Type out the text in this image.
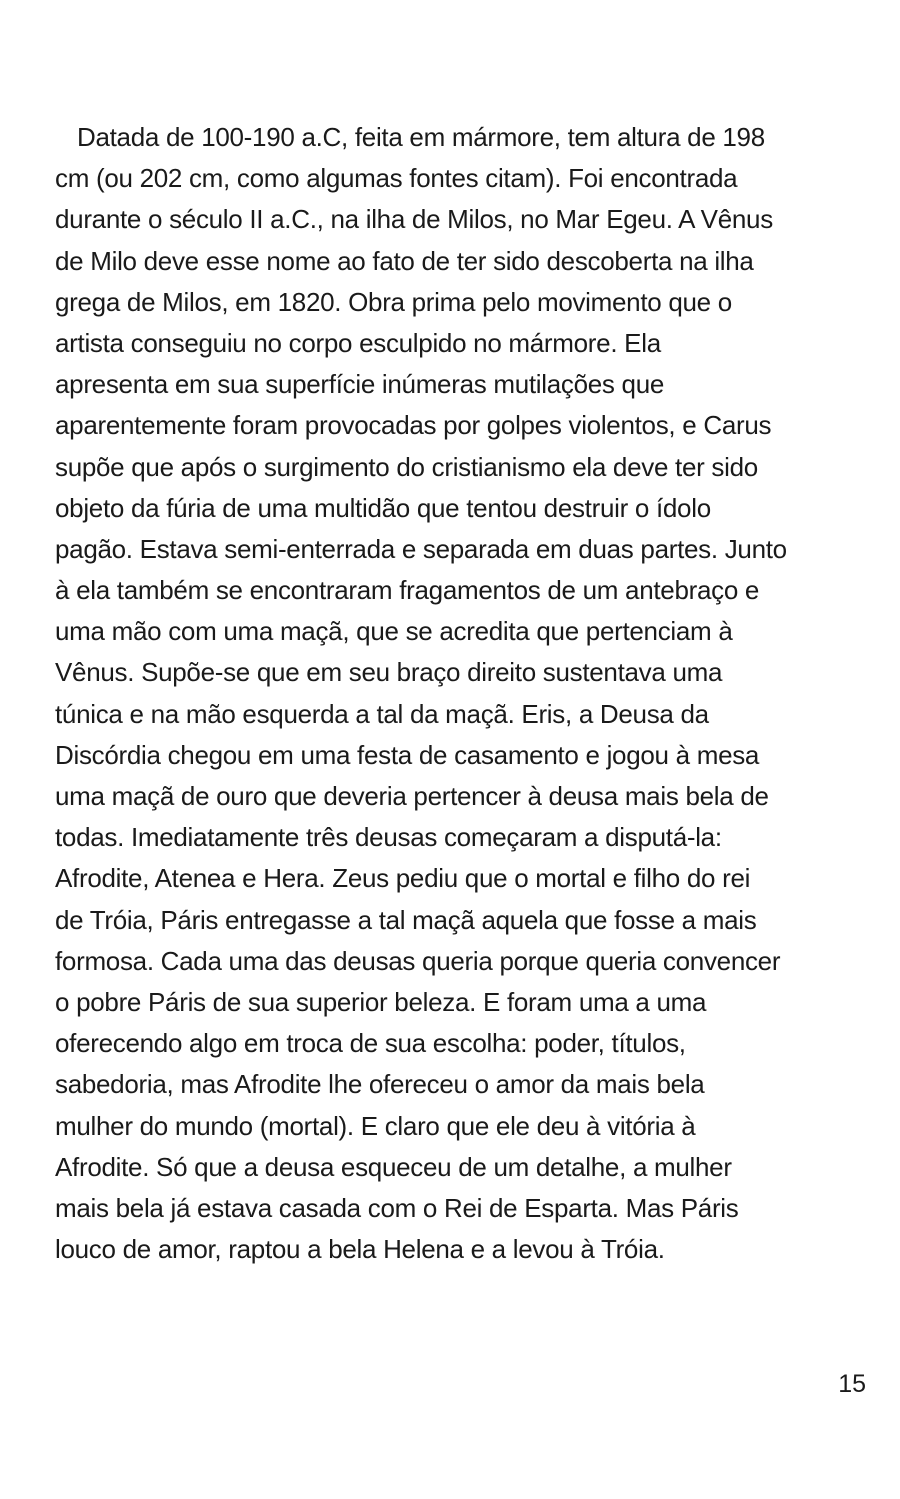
Datada de 100-190 a.C, feita em mármore, tem altura de 198
cm (ou 202 cm, como algumas fontes citam). Foi encontrada
durante o século II a.C., na ilha de Milos, no Mar Egeu. A Vênus
de Milo deve esse nome ao fato de ter sido descoberta na ilha
grega de Milos, em 1820. Obra prima pelo movimento que o
artista conseguiu no corpo esculpido no mármore. Ela
apresenta em sua superfície inúmeras mutilações que
aparentemente foram provocadas por golpes violentos, e Carus
supõe que após o surgimento do cristianismo ela deve ter sido
objeto da fúria de uma multidão que tentou destruir o ídolo
pagão. Estava semi-enterrada e separada em duas partes. Junto
à ela também se encontraram fragamentos de um antebraço e
uma mão com uma maçã, que se acredita que pertenciam à
Vênus. Supõe-se que em seu braço direito sustentava uma
túnica e na mão esquerda a tal da maçã. Eris, a Deusa da
Discórdia chegou em uma festa de casamento e jogou à mesa
uma maçã de ouro que deveria pertencer à deusa mais bela de
todas. Imediatamente três deusas começaram a disputá-la:
Afrodite, Atenea e Hera. Zeus pediu que o mortal e filho do rei
de Tróia, Páris entregasse a tal maçã aquela que fosse a mais
formosa. Cada uma das deusas queria porque queria convencer
o pobre Páris de sua superior beleza. E foram uma a uma
oferecendo algo em troca de sua escolha: poder, títulos,
sabedoria, mas Afrodite lhe ofereceu o amor da mais bela
mulher do mundo (mortal). E claro que ele deu à vitória à
Afrodite. Só que a deusa esqueceu de um detalhe, a mulher
mais bela já estava casada com o Rei de Esparta. Mas Páris
louco de amor, raptou a bela Helena e a levou à Tróia.

15
